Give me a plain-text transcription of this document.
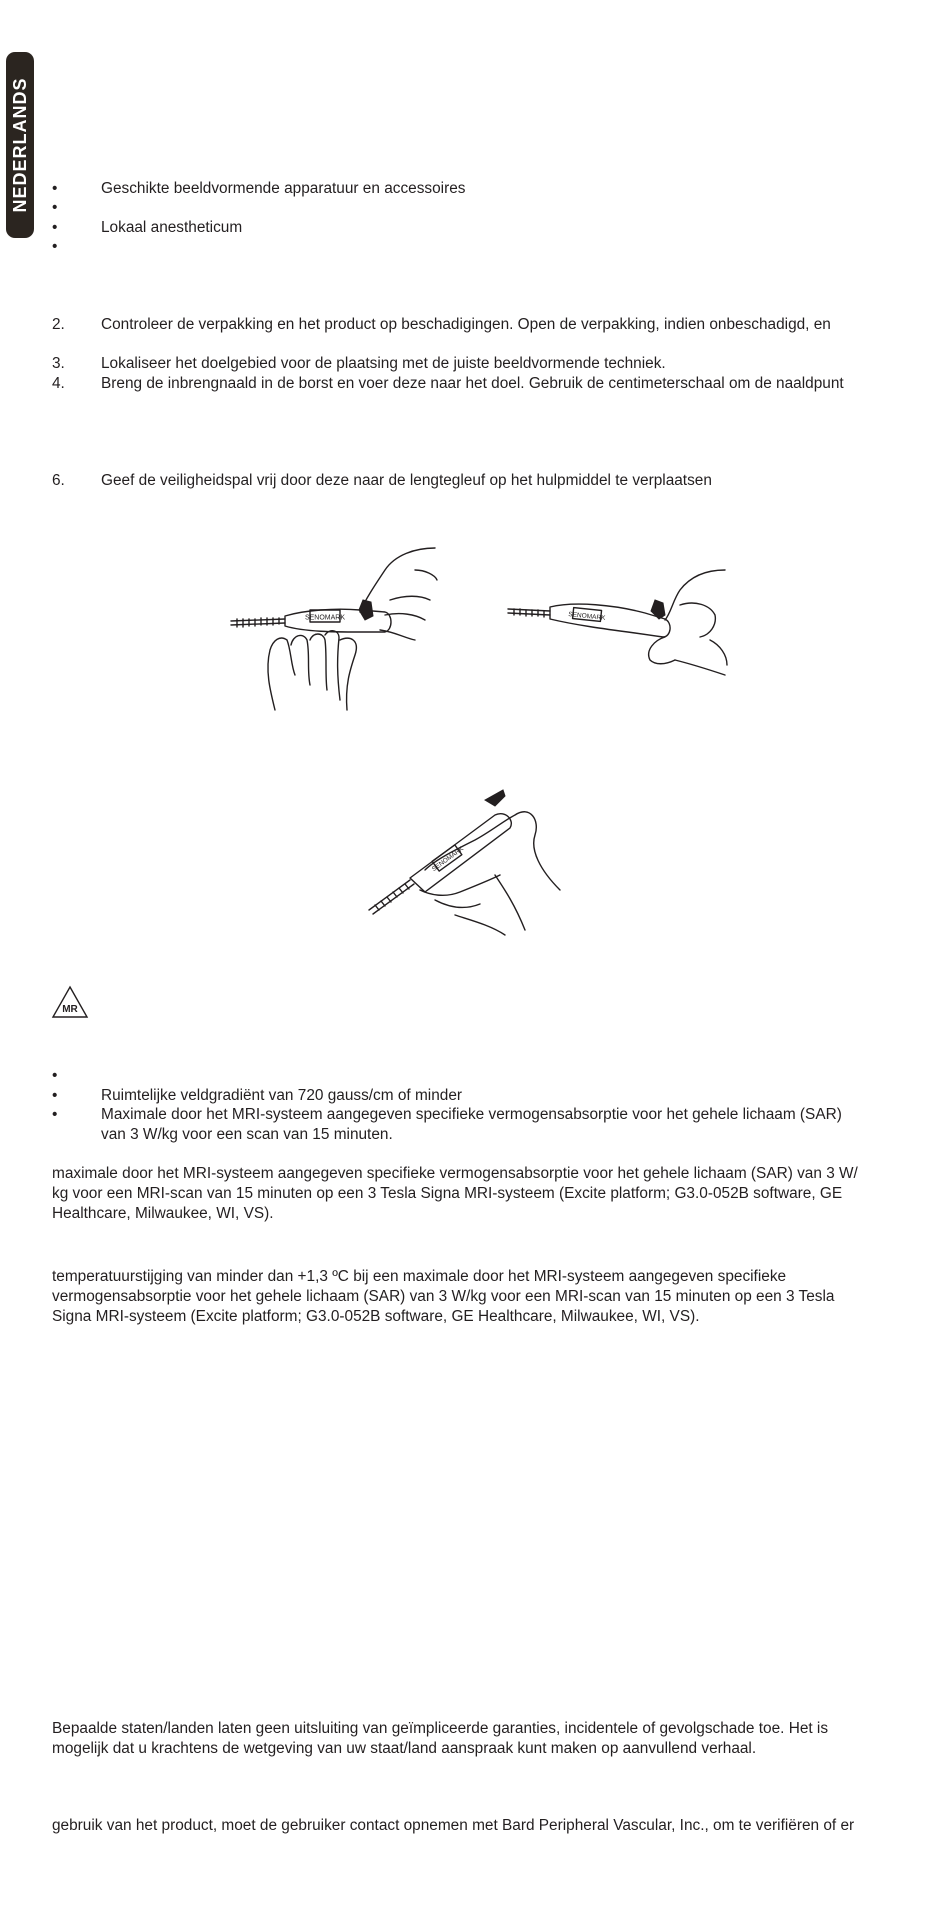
NEDERLANDS •	Geschikte beeldvormende apparatuur en accessoires
•
•	Lokaal anestheticum
•
2. Controleer de verpakking en het product op beschadigingen. Open de verpakking, indien onbeschadigd, en
3. Lokaliseer het doelgebied voor de plaatsing met de juiste beeldvormende techniek.
4. Breng de inbrengnaald in de borst en voer deze naar het doel. Gebruik de centimeterschaal om de naaldpunt
6. Geef de veiligheidspal vrij door deze naar de lengtegleuf op het hulpmiddel te verplaatsen
SENOMARK	SENOMARK
SENOMARK
MR
•
•	Ruimtelijke veldgradiënt van 720 gauss/cm of minder
•	Maximale door het MRI-systeem aangegeven specifieke vermogensabsorptie voor het gehele lichaam (SAR)
van 3 W/kg voor een scan van 15 minuten.
maximale door het MRI-systeem aangegeven specifieke vermogensabsorptie voor het gehele lichaam (SAR) van 3 W/
kg voor een MRI-scan van 15 minuten op een 3 Tesla Signa MRI-systeem (Excite platform; G3.0-052B software, GE
Healthcare, Milwaukee, WI, VS).
temperatuurstijging van minder dan +1,3 ºC bij een maximale door het MRI-systeem aangegeven specifieke
vermogensabsorptie voor het gehele lichaam (SAR) van 3 W/kg voor een MRI-scan van 15 minuten op een 3 Tesla
Signa MRI-systeem (Excite platform; G3.0-052B software, GE Healthcare, Milwaukee, WI, VS).
Bepaalde staten/landen laten geen uitsluiting van geïmpliceerde garanties, incidentele of gevolgschade toe. Het is
mogelijk dat u krachtens de wetgeving van uw staat/land aanspraak kunt maken op aanvullend verhaal.
gebruik van het product, moet de gebruiker contact opnemen met Bard Peripheral Vascular, Inc., om te verifiëren of er
